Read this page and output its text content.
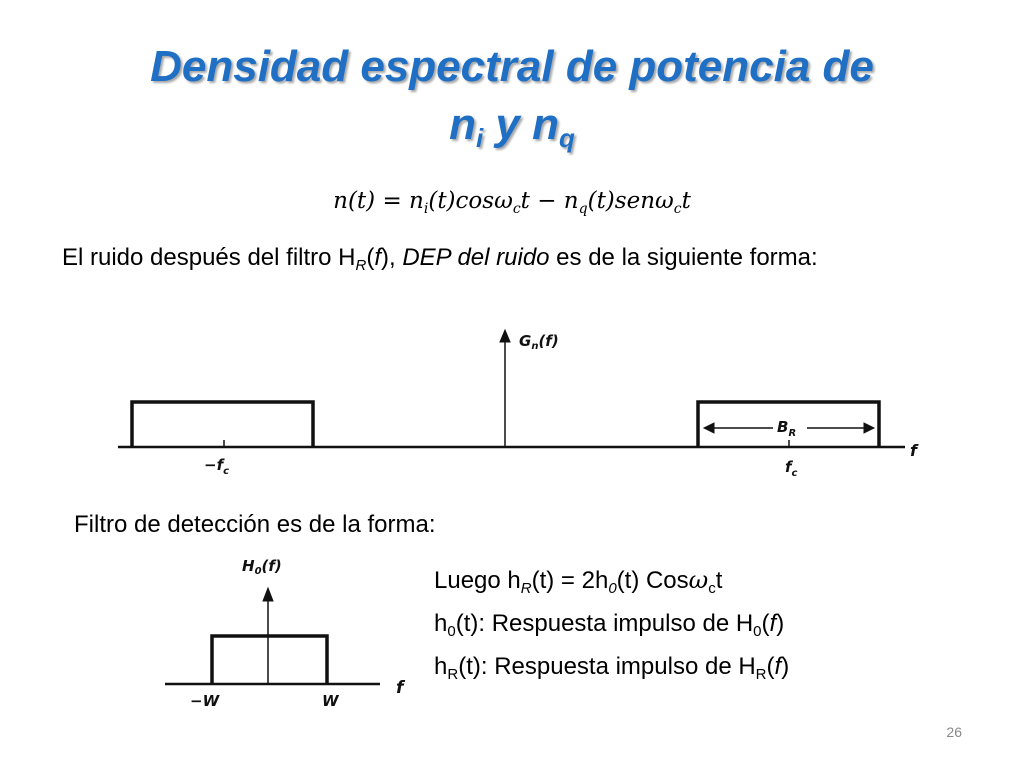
Densidad espectral de potencia de
$n_i$ y $n_q$
$n(t) = n_i(t)\cos\omega_ct - n_q(t)sen\omega_ct$
El ruido después del filtro $H_R(f)$, DEP del ruido es de la siguiente forma:
$G_n(f)$
f
$-f_c$	$f_c$
$B_R$
$H_0(f)$
f
−W	W
Filtro de detección es de la forma:
Luego $h_R(t) = 2h_0(t)$ Cosω$_c$t
$h_0(t)$: Respuesta impulso de $H_0(f)$
$h_R(t)$: Respuesta impulso de $H_R(f)$
26
